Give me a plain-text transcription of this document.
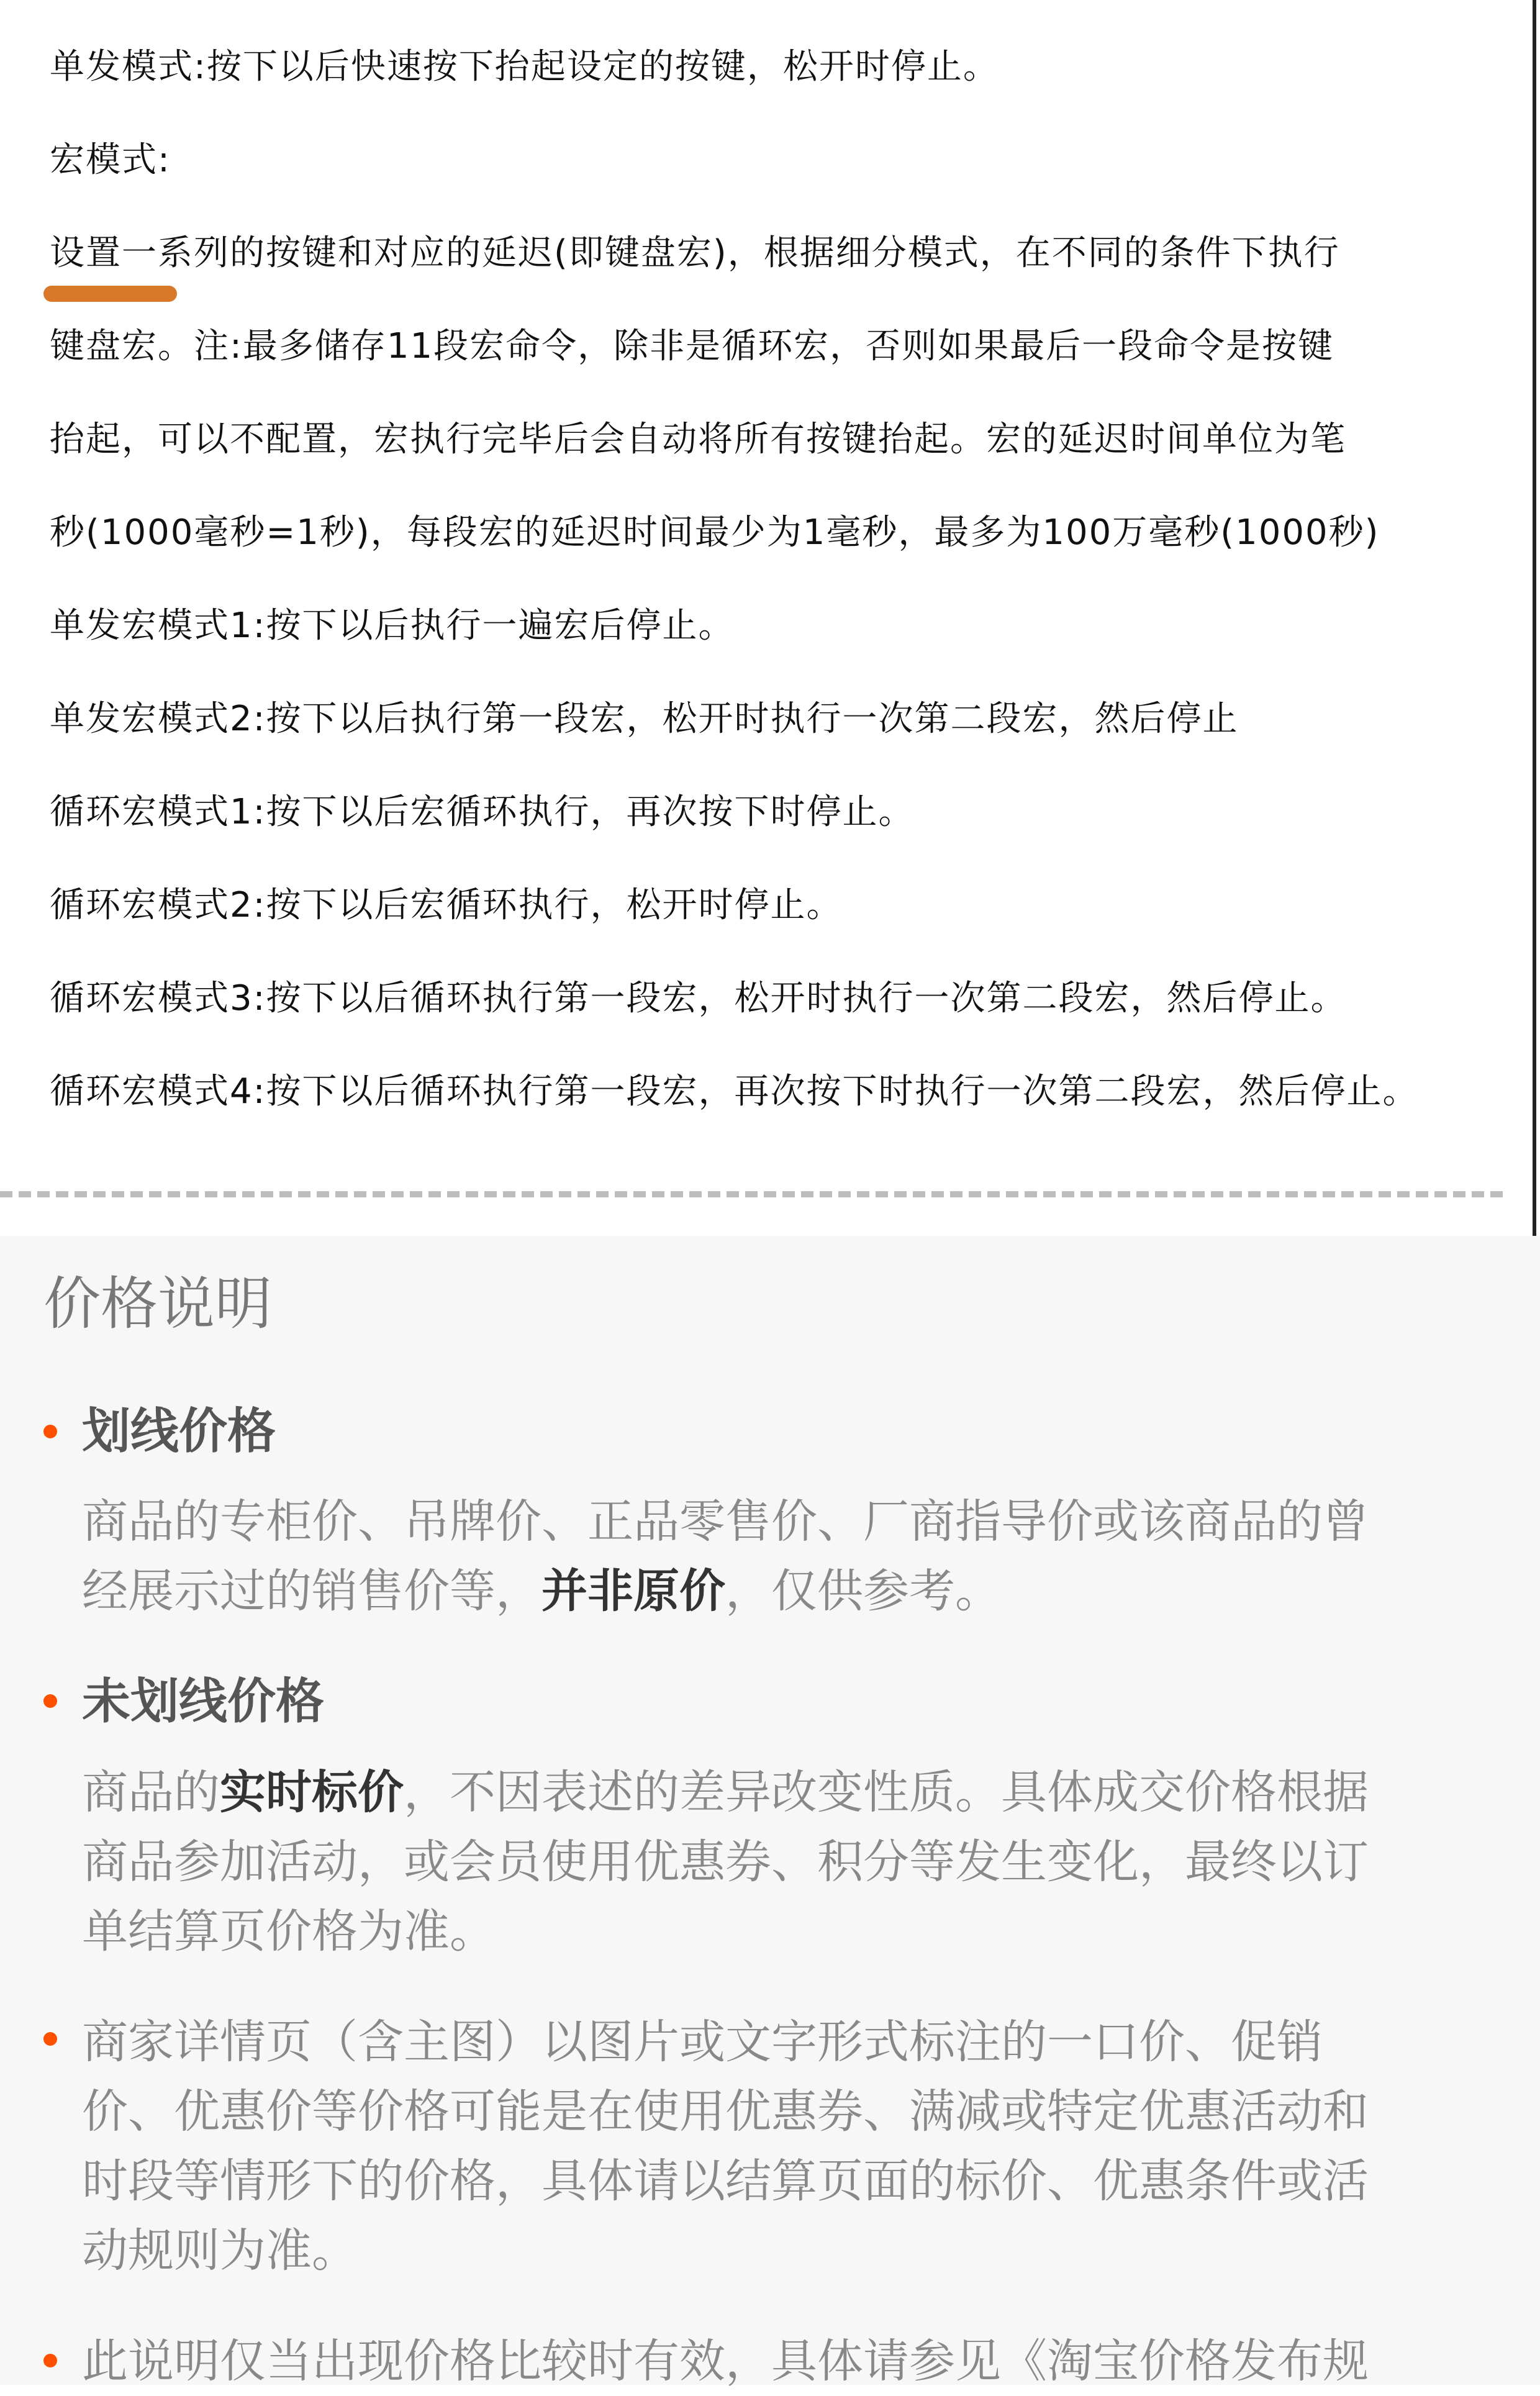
单发模式:按下以后快速按下抬起设定的按键，松开时停止。
宏模式:
设置一系列的按键和对应的延迟(即键盘宏)，根据细分模式，在不同的条件下执行
键盘宏。注:最多储存11段宏命令，除非是循环宏，否则如果最后一段命令是按键
抬起，可以不配置，宏执行完毕后会自动将所有按键抬起。宏的延迟时间单位为笔
秒(1000毫秒=1秒)，每段宏的延迟时间最少为1毫秒，最多为100万毫秒(1000秒)
单发宏模式1:按下以后执行一遍宏后停止。
单发宏模式2:按下以后执行第一段宏，松开时执行一次第二段宏，然后停止
循环宏模式1:按下以后宏循环执行，再次按下时停止。
循环宏模式2:按下以后宏循环执行，松开时停止。
循环宏模式3:按下以后循环执行第一段宏，松开时执行一次第二段宏，然后停止。
循环宏模式4:按下以后循环执行第一段宏，再次按下时执行一次第二段宏，然后停止。
价格说明
划线价格
商品的专柜价、吊牌价、正品零售价、厂商指导价或该商品的曾
经展示过的销售价等，并非原价，仅供参考。
未划线价格
商品的实时标价，不因表述的差异改变性质。具体成交价格根据
商品参加活动，或会员使用优惠券、积分等发生变化，最终以订
单结算页价格为准。
商家详情页（含主图）以图片或文字形式标注的一口价、促销
价、优惠价等价格可能是在使用优惠券、满减或特定优惠活动和
时段等情形下的价格，具体请以结算页面的标价、优惠条件或活
动规则为准。
此说明仅当出现价格比较时有效，具体请参见《淘宝价格发布规
